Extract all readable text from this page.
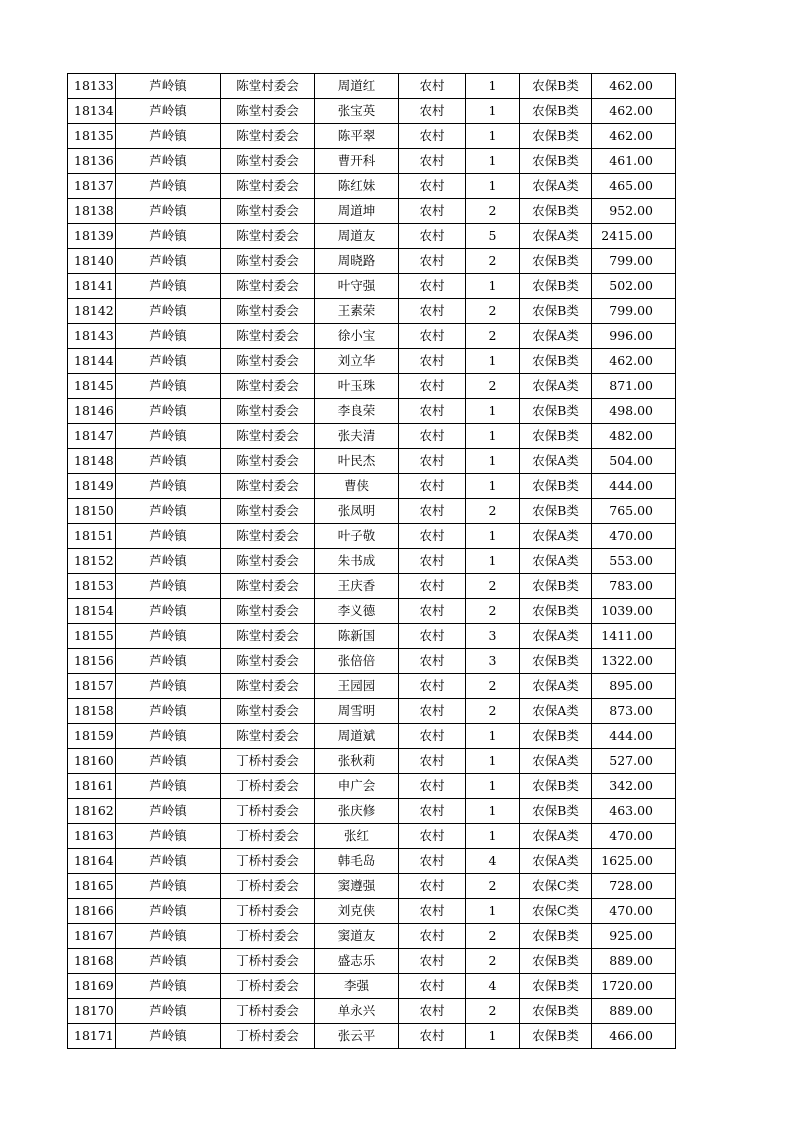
18133	芦岭镇	陈堂村委会	周道红	农村	1	农保B类	462.00
18134	芦岭镇	陈堂村委会	张宝英	农村	1	农保B类	462.00
18135	芦岭镇	陈堂村委会	陈平翠	农村	1	农保B类	462.00
18136	芦岭镇	陈堂村委会	曹开科	农村	1	农保B类	461.00
18137	芦岭镇	陈堂村委会	陈红妹	农村	1	农保A类	465.00
18138	芦岭镇	陈堂村委会	周道坤	农村	2	农保B类	952.00
18139	芦岭镇	陈堂村委会	周道友	农村	5	农保A类	2415.00
18140	芦岭镇	陈堂村委会	周晓路	农村	2	农保B类	799.00
18141	芦岭镇	陈堂村委会	叶守强	农村	1	农保B类	502.00
18142	芦岭镇	陈堂村委会	王素荣	农村	2	农保B类	799.00
18143	芦岭镇	陈堂村委会	徐小宝	农村	2	农保A类	996.00
18144	芦岭镇	陈堂村委会	刘立华	农村	1	农保B类	462.00
18145	芦岭镇	陈堂村委会	叶玉珠	农村	2	农保A类	871.00
18146	芦岭镇	陈堂村委会	李良荣	农村	1	农保B类	498.00
18147	芦岭镇	陈堂村委会	张夫清	农村	1	农保B类	482.00
18148	芦岭镇	陈堂村委会	叶民杰	农村	1	农保A类	504.00
18149	芦岭镇	陈堂村委会	曹侠	农村	1	农保B类	444.00
18150	芦岭镇	陈堂村委会	张凤明	农村	2	农保B类	765.00
18151	芦岭镇	陈堂村委会	叶子敬	农村	1	农保A类	470.00
18152	芦岭镇	陈堂村委会	朱书成	农村	1	农保A类	553.00
18153	芦岭镇	陈堂村委会	王庆香	农村	2	农保B类	783.00
18154	芦岭镇	陈堂村委会	李义德	农村	2	农保B类	1039.00
18155	芦岭镇	陈堂村委会	陈新国	农村	3	农保A类	1411.00
18156	芦岭镇	陈堂村委会	张倍倍	农村	3	农保B类	1322.00
18157	芦岭镇	陈堂村委会	王园园	农村	2	农保A类	895.00
18158	芦岭镇	陈堂村委会	周雪明	农村	2	农保A类	873.00
18159	芦岭镇	陈堂村委会	周道斌	农村	1	农保B类	444.00
18160	芦岭镇	丁桥村委会	张秋莉	农村	1	农保A类	527.00
18161	芦岭镇	丁桥村委会	申广会	农村	1	农保B类	342.00
18162	芦岭镇	丁桥村委会	张庆修	农村	1	农保B类	463.00
18163	芦岭镇	丁桥村委会	张红	农村	1	农保A类	470.00
18164	芦岭镇	丁桥村委会	韩毛岛	农村	4	农保A类	1625.00
18165	芦岭镇	丁桥村委会	窦遵强	农村	2	农保C类	728.00
18166	芦岭镇	丁桥村委会	刘克侠	农村	1	农保C类	470.00
18167	芦岭镇	丁桥村委会	窦道友	农村	2	农保B类	925.00
18168	芦岭镇	丁桥村委会	盛志乐	农村	2	农保B类	889.00
18169	芦岭镇	丁桥村委会	李强	农村	4	农保B类	1720.00
18170	芦岭镇	丁桥村委会	单永兴	农村	2	农保B类	889.00
18171	芦岭镇	丁桥村委会	张云平	农村	1	农保B类	466.00
